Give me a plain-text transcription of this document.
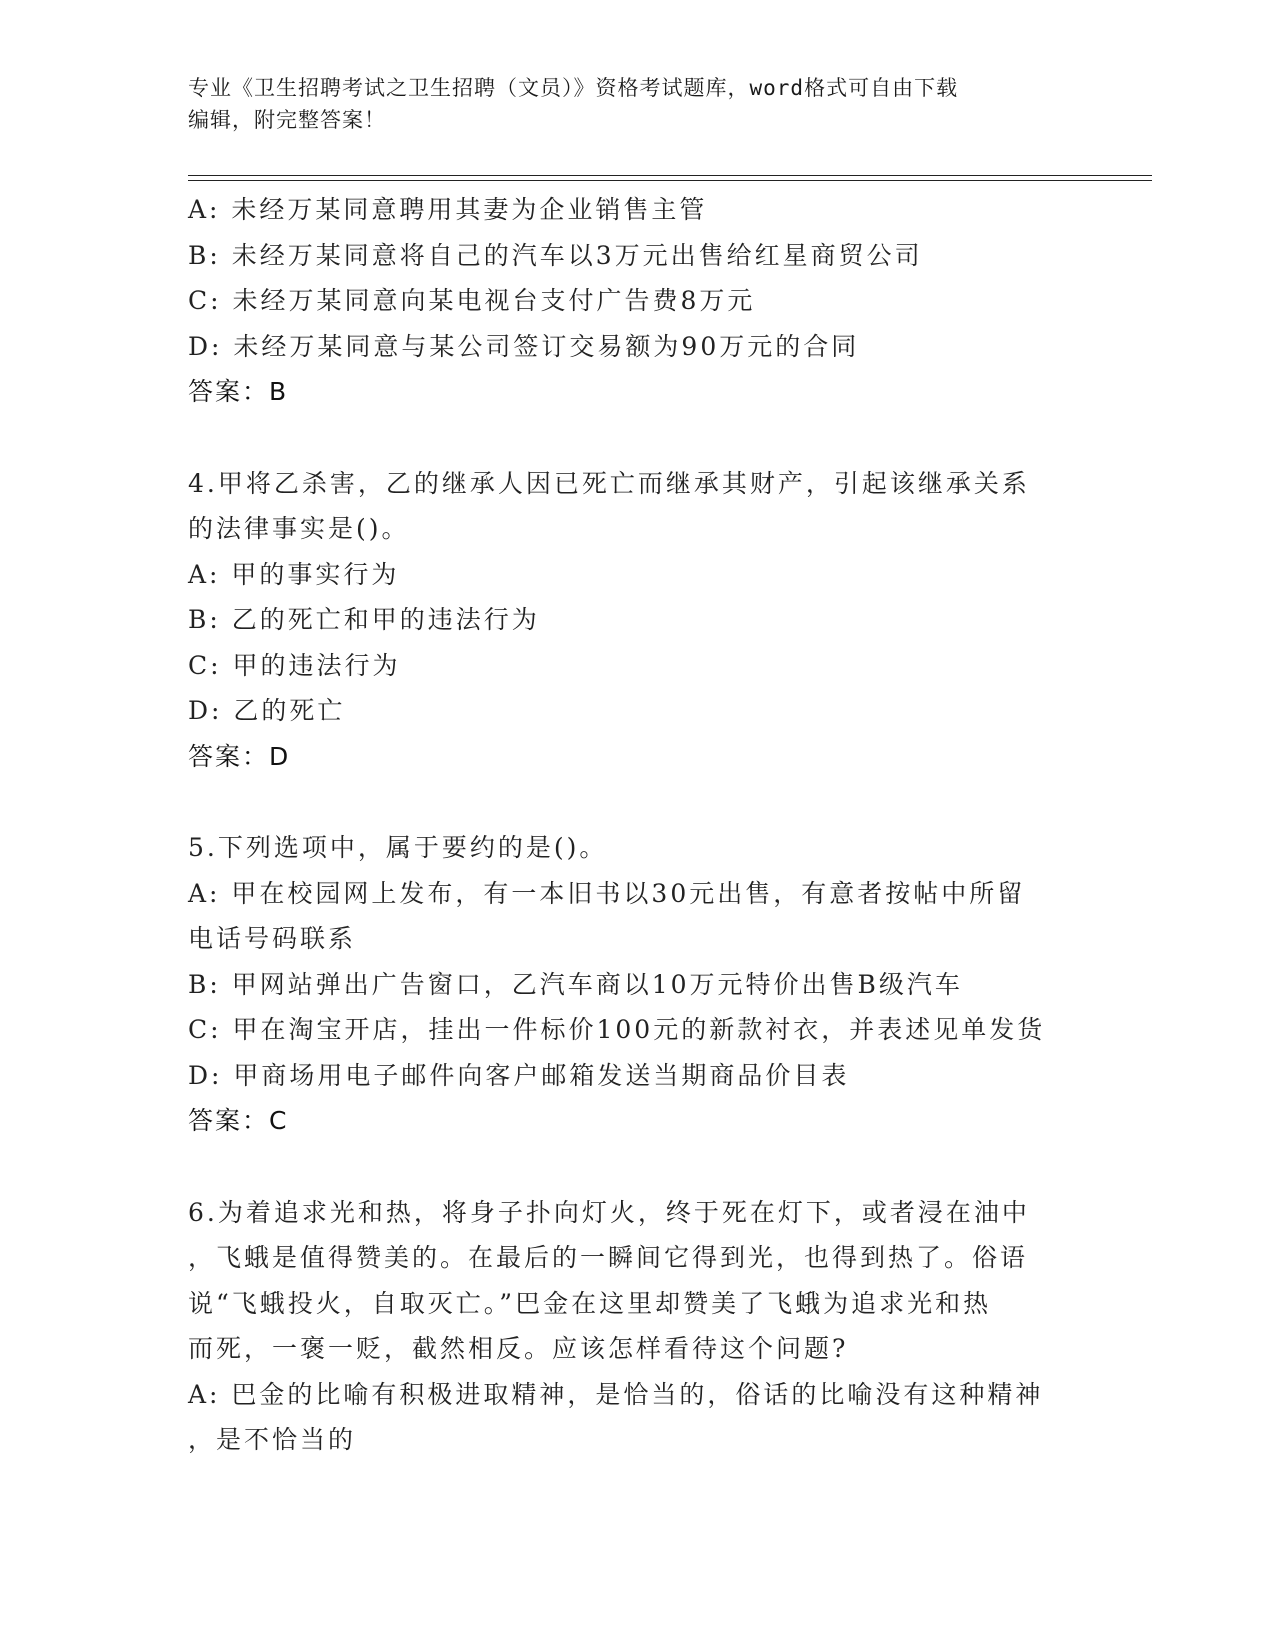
专业《卫生招聘考试之卫生招聘（文员）》资格考试题库，word格式可自由下载
编辑，附完整答案！
A: 未经万某同意聘用其妻为企业销售主管
B: 未经万某同意将自己的汽车以3万元出售给红星商贸公司
C: 未经万某同意向某电视台支付广告费8万元
D: 未经万某同意与某公司签订交易额为90万元的合同
答案：B
4.甲将乙杀害，乙的继承人因已死亡而继承其财产，引起该继承关系
的法律事实是()。
A: 甲的事实行为
B: 乙的死亡和甲的违法行为
C: 甲的违法行为
D: 乙的死亡
答案：D
5.下列选项中，属于要约的是()。
A: 甲在校园网上发布，有一本旧书以30元出售，有意者按帖中所留
电话号码联系
B: 甲网站弹出广告窗口，乙汽车商以10万元特价出售B级汽车
C: 甲在淘宝开店，挂出一件标价100元的新款衬衣，并表述见单发货
D: 甲商场用电子邮件向客户邮箱发送当期商品价目表
答案：C
6.为着追求光和热，将身子扑向灯火，终于死在灯下，或者浸在油中
，飞蛾是值得赞美的。在最后的一瞬间它得到光，也得到热了。俗语
说“飞蛾投火，自取灭亡。”巴金在这里却赞美了飞蛾为追求光和热
而死，一褒一贬，截然相反。应该怎样看待这个问题?
A: 巴金的比喻有积极进取精神，是恰当的，俗话的比喻没有这种精神
，是不恰当的
